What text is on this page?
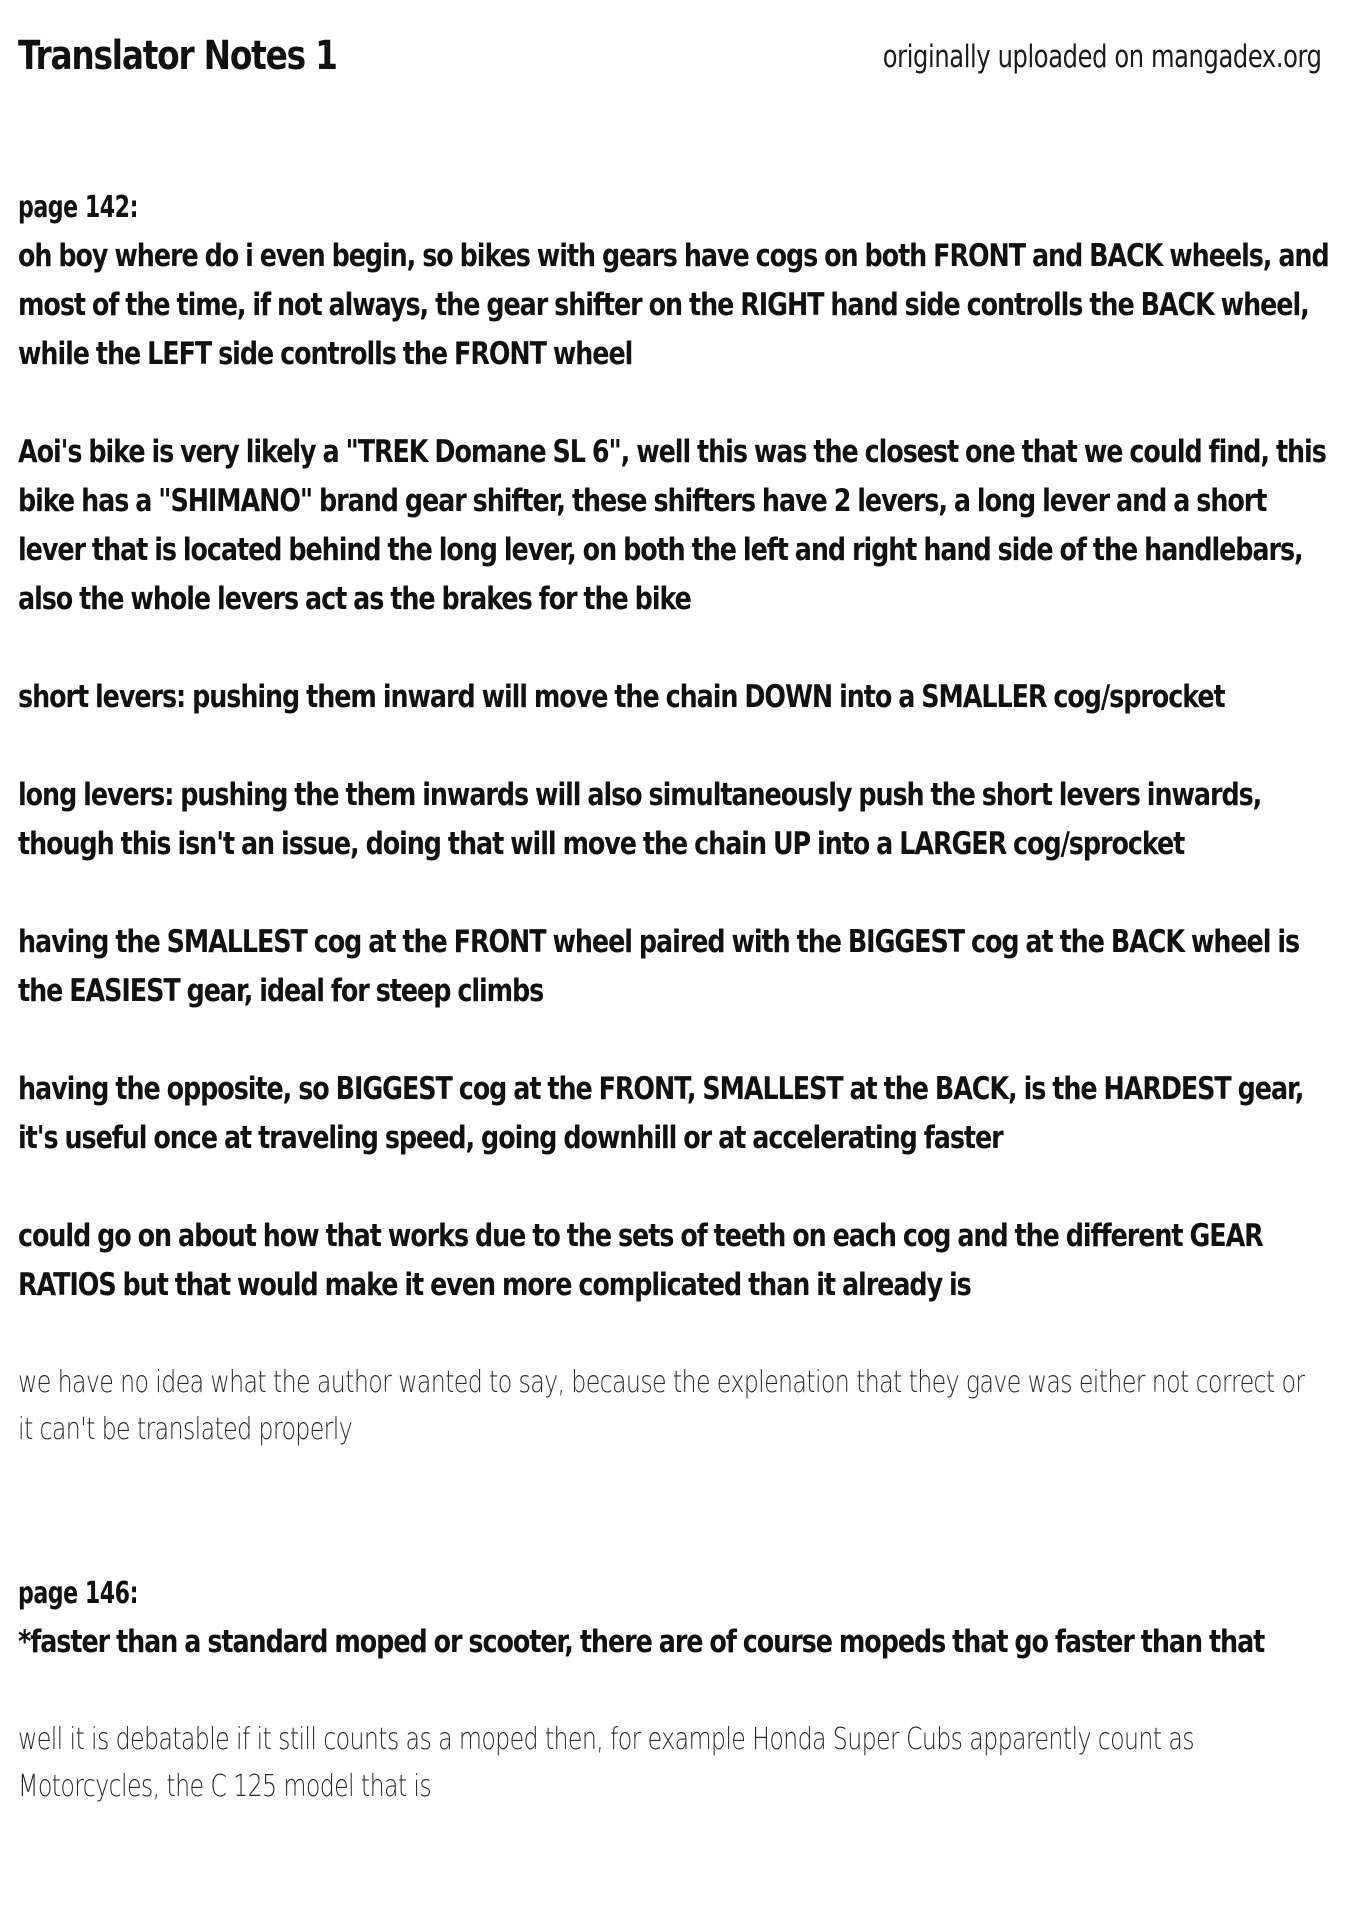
Translator Notes 1	originally uploaded on mangadex.org

page 142:

oh boy where do i even begin, so bikes with gears have cogs on both FRONT and BACK wheels, and most of the time, if not always, the gear shifter on the RIGHT hand side controlls the BACK wheel, while the LEFT side controlls the FRONT wheel

Aoi's bike is very likely a "TREK Domane SL 6", well this was the closest one that we could find, this bike has a "SHIMANO" brand gear shifter, these shifters have 2 levers, a long lever and a short lever that is located behind the long lever, on both the left and right hand side of the handlebars, also the whole levers act as the brakes for the bike

short levers: pushing them inward will move the chain DOWN into a SMALLER cog/sprocket

long levers: pushing the them inwards will also simultaneously push the short levers inwards, though this isn't an issue, doing that will move the chain UP into a LARGER cog/sprocket

having the SMALLEST cog at the FRONT wheel paired with the BIGGEST cog at the BACK wheel is the EASIEST gear, ideal for steep climbs

having the opposite, so BIGGEST cog at the FRONT, SMALLEST at the BACK, is the HARDEST gear, it's useful once at traveling speed, going downhill or at accelerating faster

could go on about how that works due to the sets of teeth on each cog and the different GEAR RATIOS but that would make it even more complicated than it already is

we have no idea what the author wanted to say, because the explenation that they gave was either not correct or it can't be translated properly

page 146:

*faster than a standard moped or scooter, there are of course mopeds that go faster than that

well it is debatable if it still counts as a moped then, for example Honda Super Cubs apparently count as Motorcycles, the C 125 model that is
